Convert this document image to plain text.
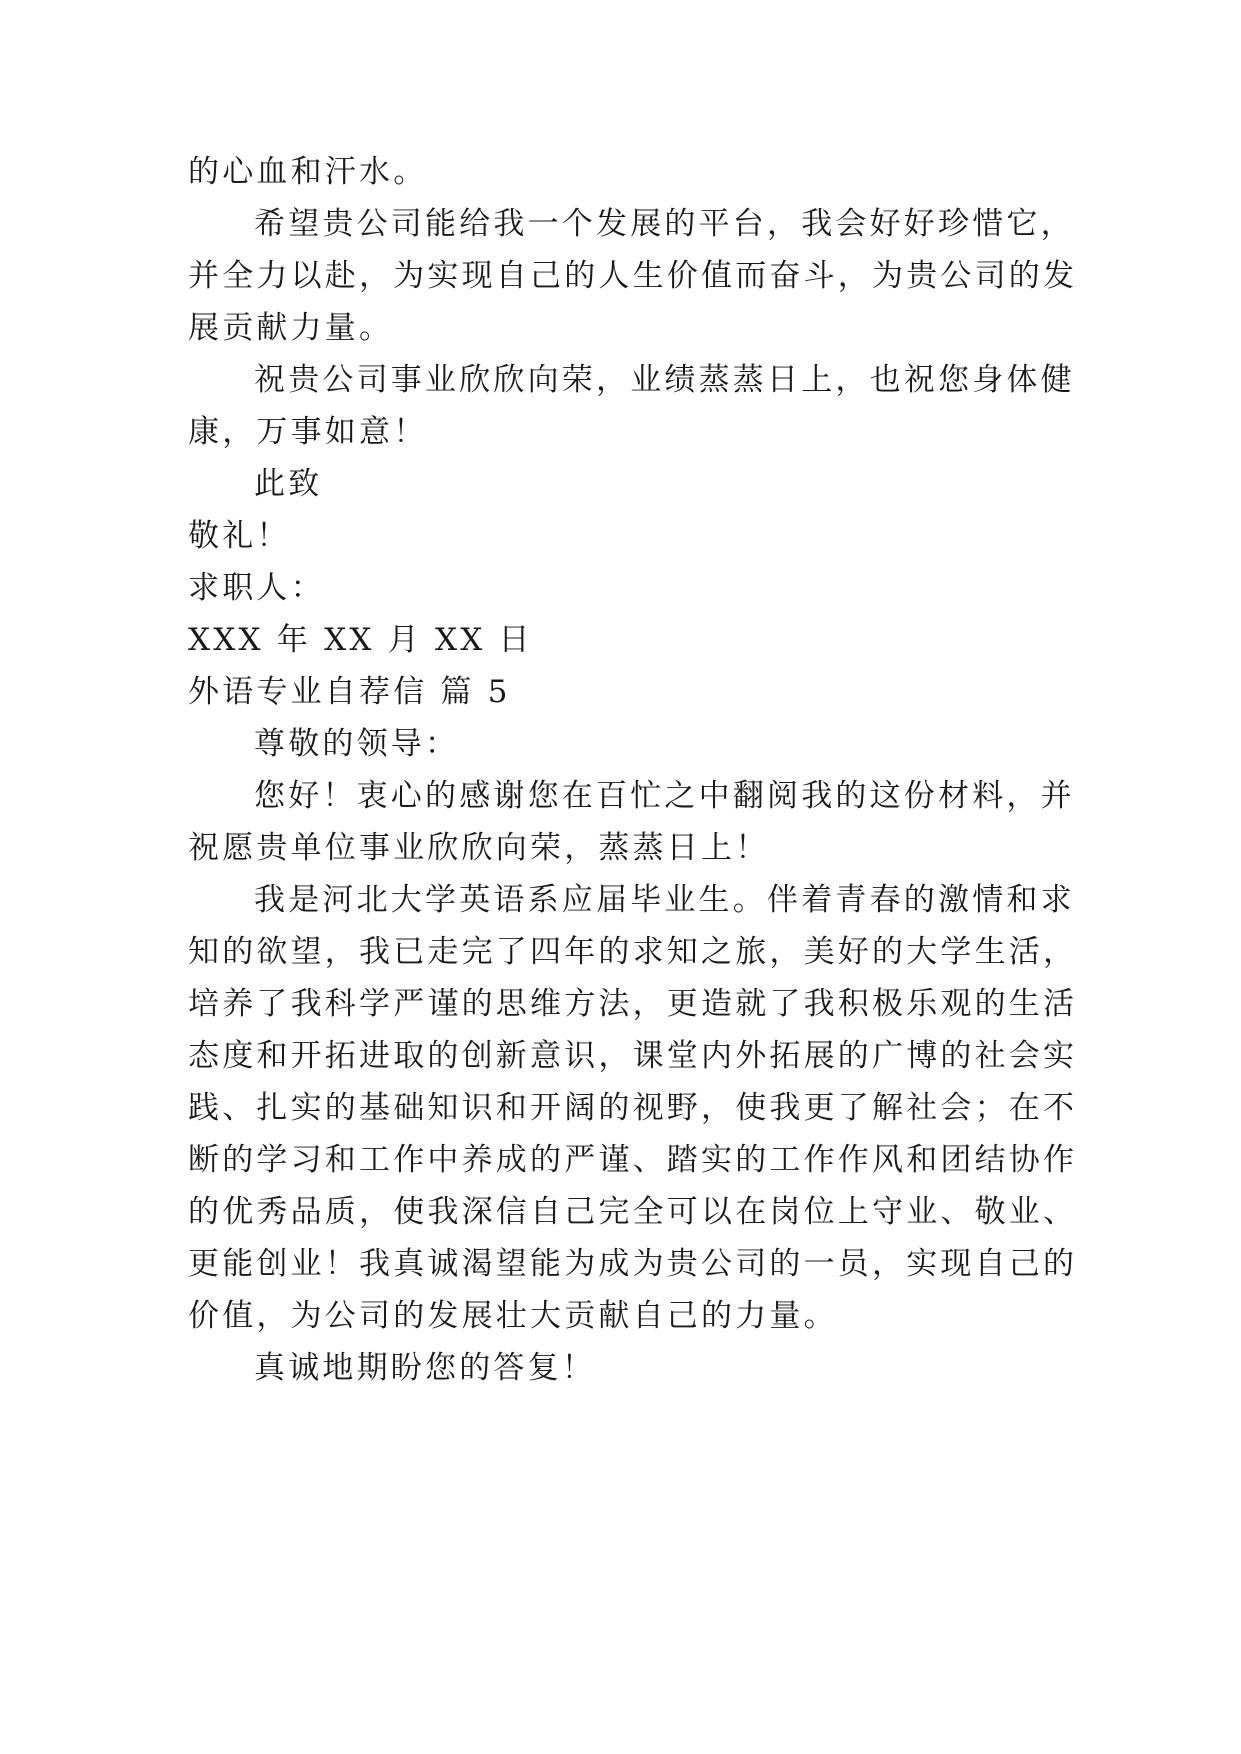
的心血和汗水。
希望贵公司能给我一个发展的平台，我会好好珍惜它，
并全力以赴，为实现自己的人生价值而奋斗，为贵公司的发
展贡献力量。
祝贵公司事业欣欣向荣，业绩蒸蒸日上，也祝您身体健
康，万事如意！
此致
敬礼！
求职人：
XXX 年 XX 月 XX 日
外语专业自荐信 篇 5
尊敬的领导：
您好！衷心的感谢您在百忙之中翻阅我的这份材料，并
祝愿贵单位事业欣欣向荣，蒸蒸日上！
我是河北大学英语系应届毕业生。伴着青春的激情和求
知的欲望，我已走完了四年的求知之旅，美好的大学生活，
培养了我科学严谨的思维方法，更造就了我积极乐观的生活
态度和开拓进取的创新意识，课堂内外拓展的广博的社会实
践、扎实的基础知识和开阔的视野，使我更了解社会；在不
断的学习和工作中养成的严谨、踏实的工作作风和团结协作
的优秀品质，使我深信自己完全可以在岗位上守业、敬业、
更能创业！我真诚渴望能为成为贵公司的一员，实现自己的
价值，为公司的发展壮大贡献自己的力量。
真诚地期盼您的答复！
